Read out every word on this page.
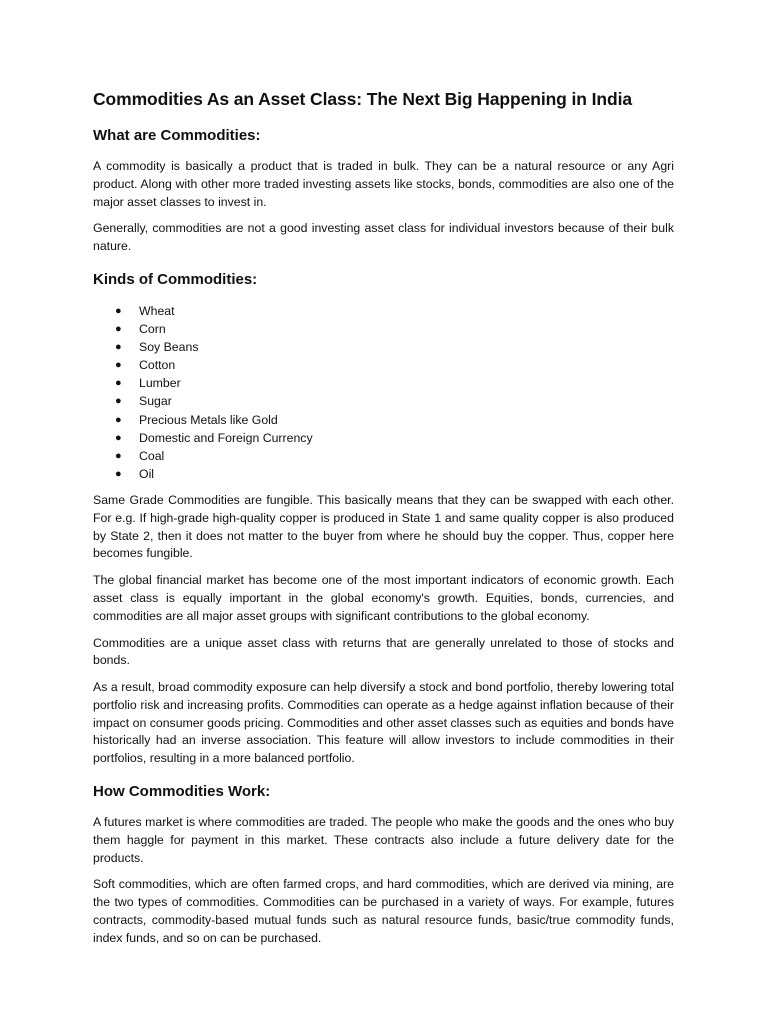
Commodities As an Asset Class: The Next Big Happening in India
What are Commodities:

A commodity is basically a product that is traded in bulk. They can be a natural resource or any Agri product. Along with other more traded investing assets like stocks, bonds, commodities are also one of the major asset classes to invest in.

Generally, commodities are not a good investing asset class for individual investors because of their bulk nature.

Kinds of Commodities:
● Wheat
● Corn
● Soy Beans
● Cotton
● Lumber
● Sugar
● Precious Metals like Gold
● Domestic and Foreign Currency
● Coal
● Oil

Same Grade Commodities are fungible. This basically means that they can be swapped with each other. For e.g. If high-grade high-quality copper is produced in State 1 and same quality copper is also produced by State 2, then it does not matter to the buyer from where he should buy the copper. Thus, copper here becomes fungible.

The global financial market has become one of the most important indicators of economic growth. Each asset class is equally important in the global economy's growth. Equities, bonds, currencies, and commodities are all major asset groups with significant contributions to the global economy.

Commodities are a unique asset class with returns that are generally unrelated to those of stocks and bonds.

As a result, broad commodity exposure can help diversify a stock and bond portfolio, thereby lowering total portfolio risk and increasing profits. Commodities can operate as a hedge against inflation because of their impact on consumer goods pricing. Commodities and other asset classes such as equities and bonds have historically had an inverse association. This feature will allow investors to include commodities in their portfolios, resulting in a more balanced portfolio.

How Commodities Work:

A futures market is where commodities are traded. The people who make the goods and the ones who buy them haggle for payment in this market. These contracts also include a future delivery date for the products.

Soft commodities, which are often farmed crops, and hard commodities, which are derived via mining, are the two types of commodities. Commodities can be purchased in a variety of ways. For example, futures contracts, commodity-based mutual funds such as natural resource funds, basic/true commodity funds, index funds, and so on can be purchased.
